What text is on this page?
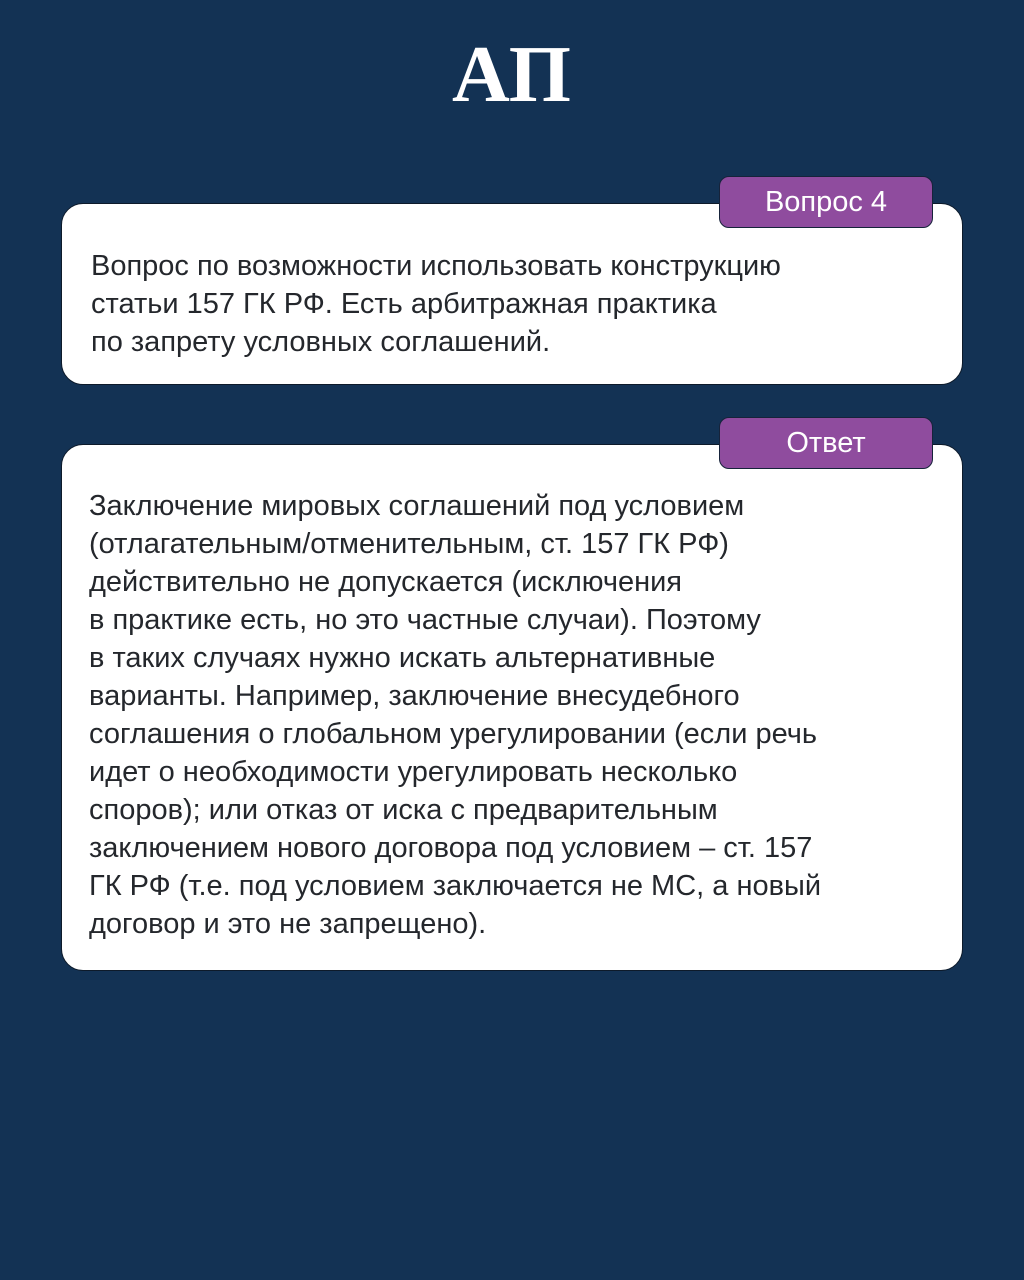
АП

Вопрос по возможности использовать конструкцию
статьи 157 ГК РФ. Есть арбитражная практика
по запрету условных соглашений.

Вопрос 4

Заключение мировых соглашений под условием
(отлагательным/отменительным, ст. 157 ГК РФ)
действительно не допускается (исключения
в практике есть, но это частные случаи). Поэтому
в таких случаях нужно искать альтернативные
варианты. Например, заключение внесудебного
соглашения о глобальном урегулировании (если речь
идет о необходимости урегулировать несколько
споров); или отказ от иска с предварительным
заключением нового договора под условием – ст. 157
ГК РФ (т.е. под условием заключается не МС, а новый
договор и это не запрещено).

Ответ
